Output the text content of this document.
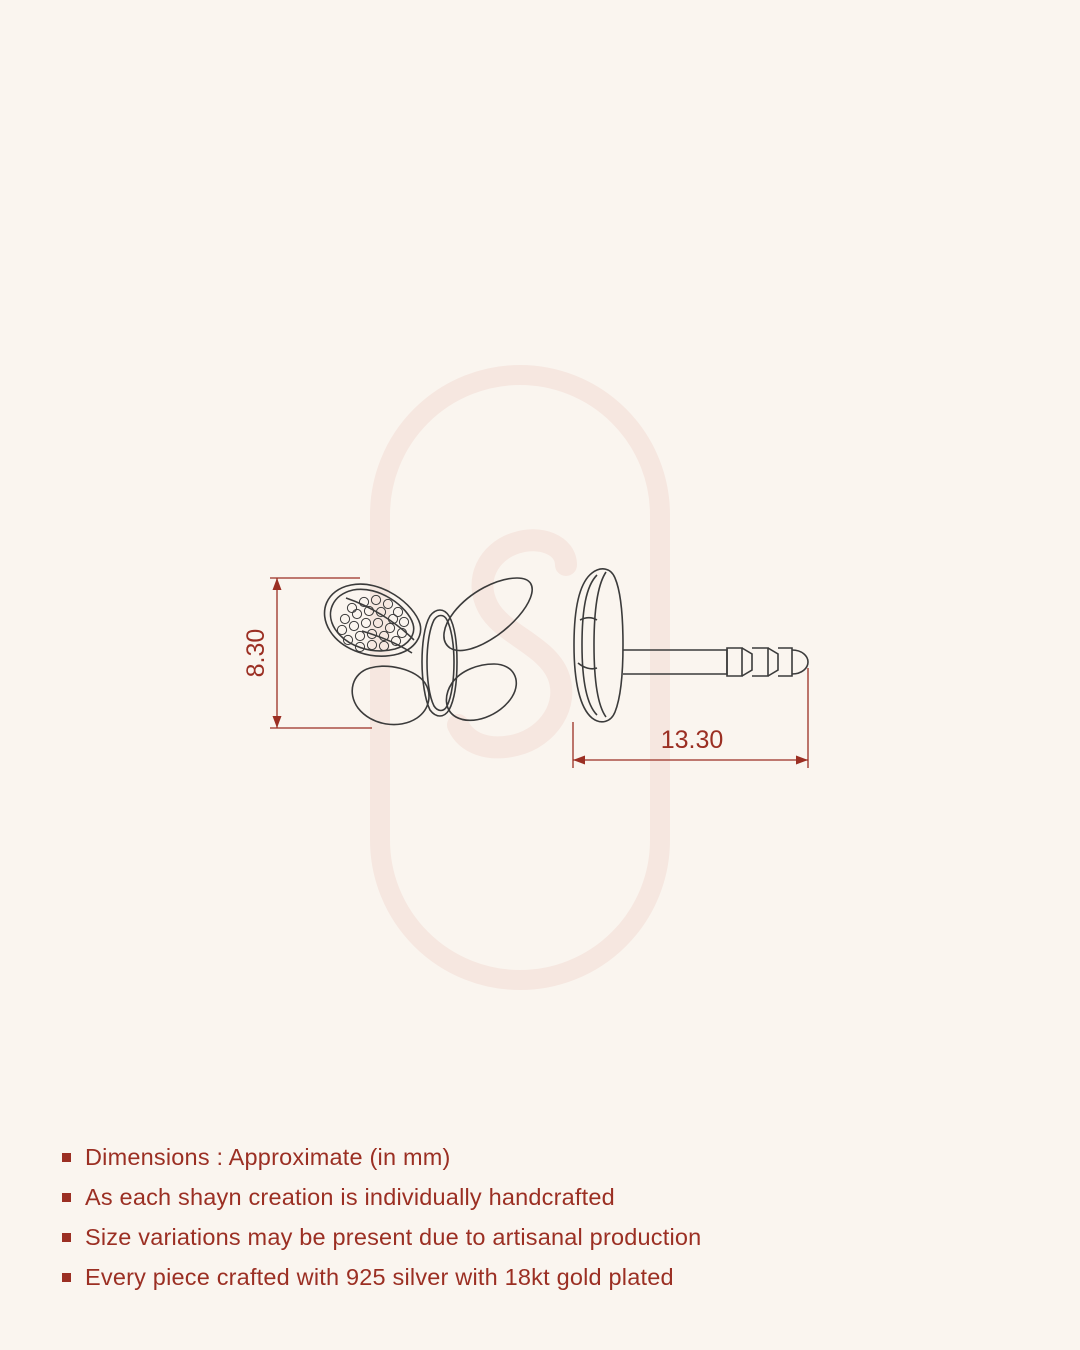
8.30
13.30
Dimensions : Approximate (in mm)
As each shayn creation is individually handcrafted
Size variations may be present due to artisanal production
Every piece crafted with 925 silver with 18kt gold plated
